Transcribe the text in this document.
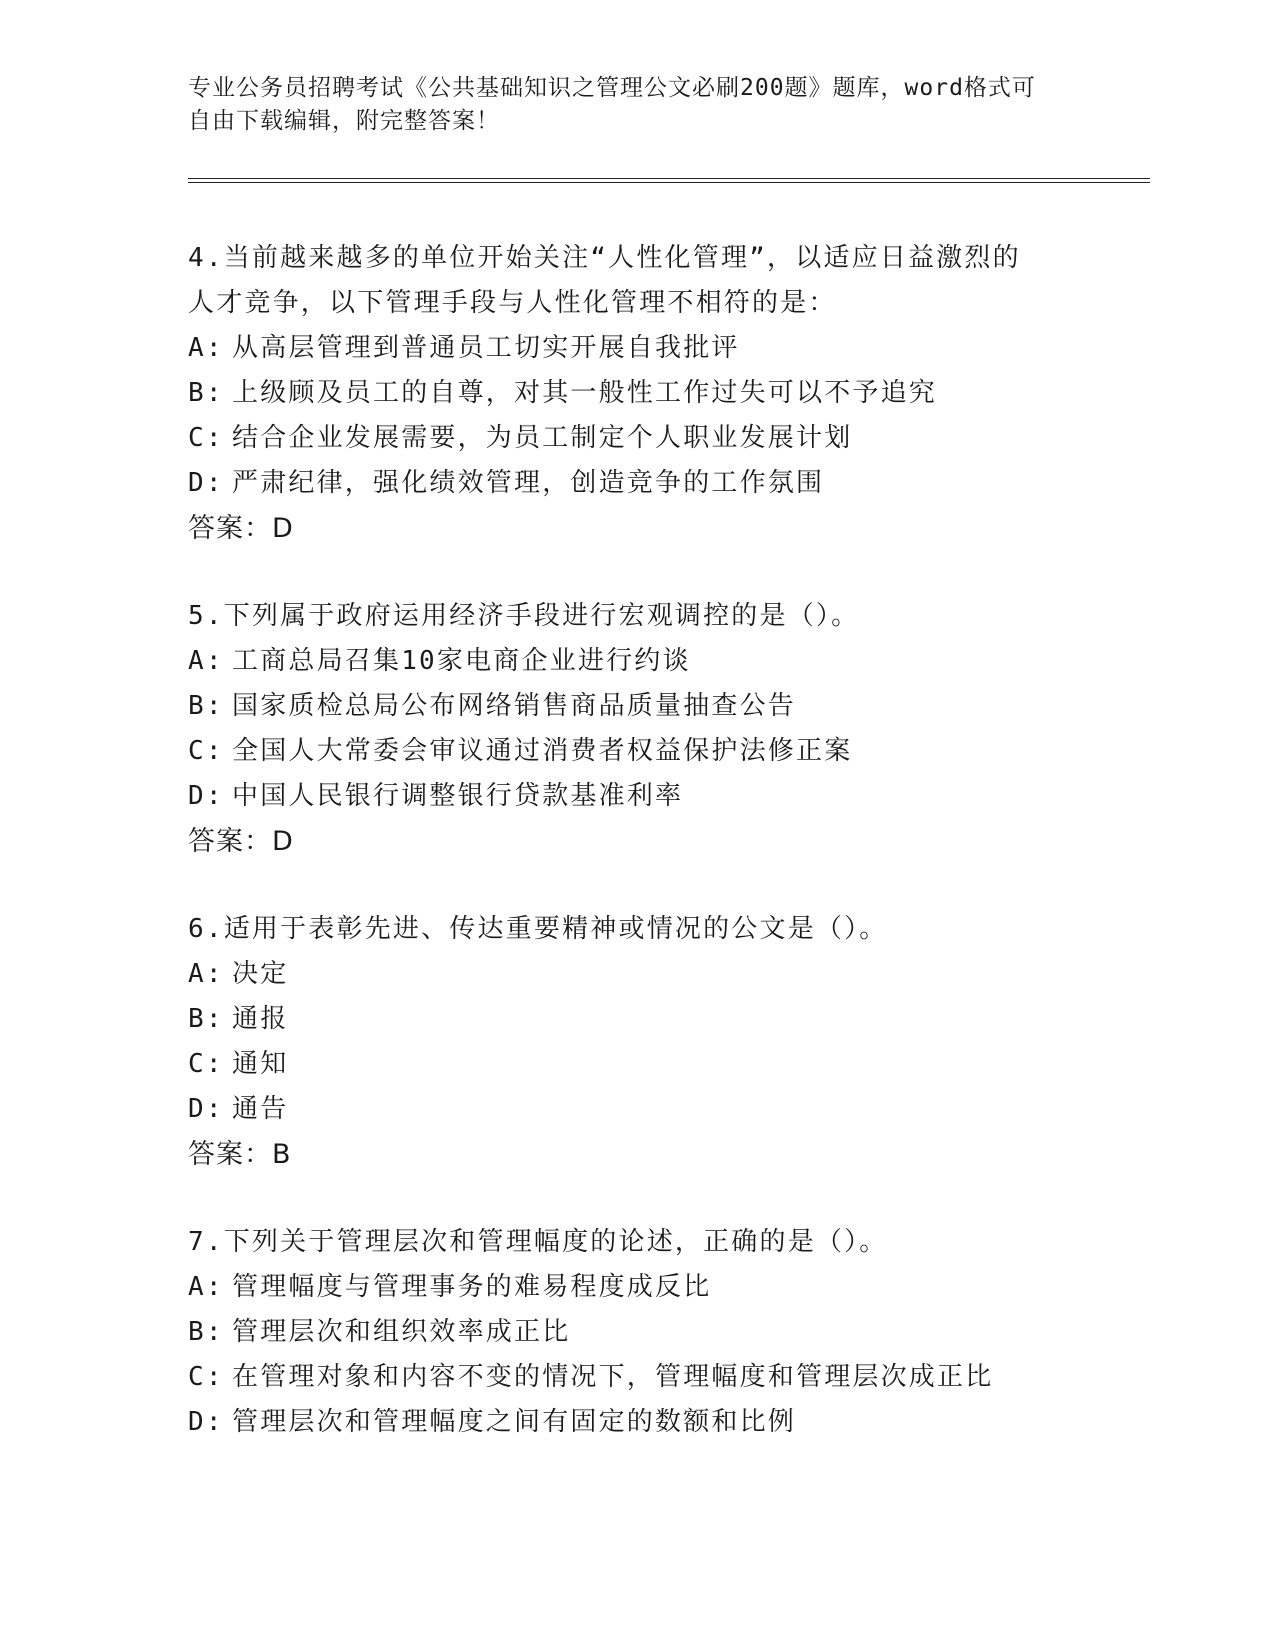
专业公务员招聘考试《公共基础知识之管理公文必刷200题》题库，word格式可
自由下载编辑，附完整答案！
4.当前越来越多的单位开始关注“人性化管理”，以适应日益激烈的
人才竞争，以下管理手段与人性化管理不相符的是：
A: 从高层管理到普通员工切实开展自我批评
B: 上级顾及员工的自尊，对其一般性工作过失可以不予追究
C: 结合企业发展需要，为员工制定个人职业发展计划
D: 严肃纪律，强化绩效管理，创造竞争的工作氛围
答案：D
5.下列属于政府运用经济手段进行宏观调控的是（）。
A: 工商总局召集10家电商企业进行约谈
B: 国家质检总局公布网络销售商品质量抽查公告
C: 全国人大常委会审议通过消费者权益保护法修正案
D: 中国人民银行调整银行贷款基准利率
答案：D
6.适用于表彰先进、传达重要精神或情况的公文是（）。
A: 决定
B: 通报
C: 通知
D: 通告
答案：B
7.下列关于管理层次和管理幅度的论述，正确的是（）。
A: 管理幅度与管理事务的难易程度成反比
B: 管理层次和组织效率成正比
C: 在管理对象和内容不变的情况下，管理幅度和管理层次成正比
D: 管理层次和管理幅度之间有固定的数额和比例
